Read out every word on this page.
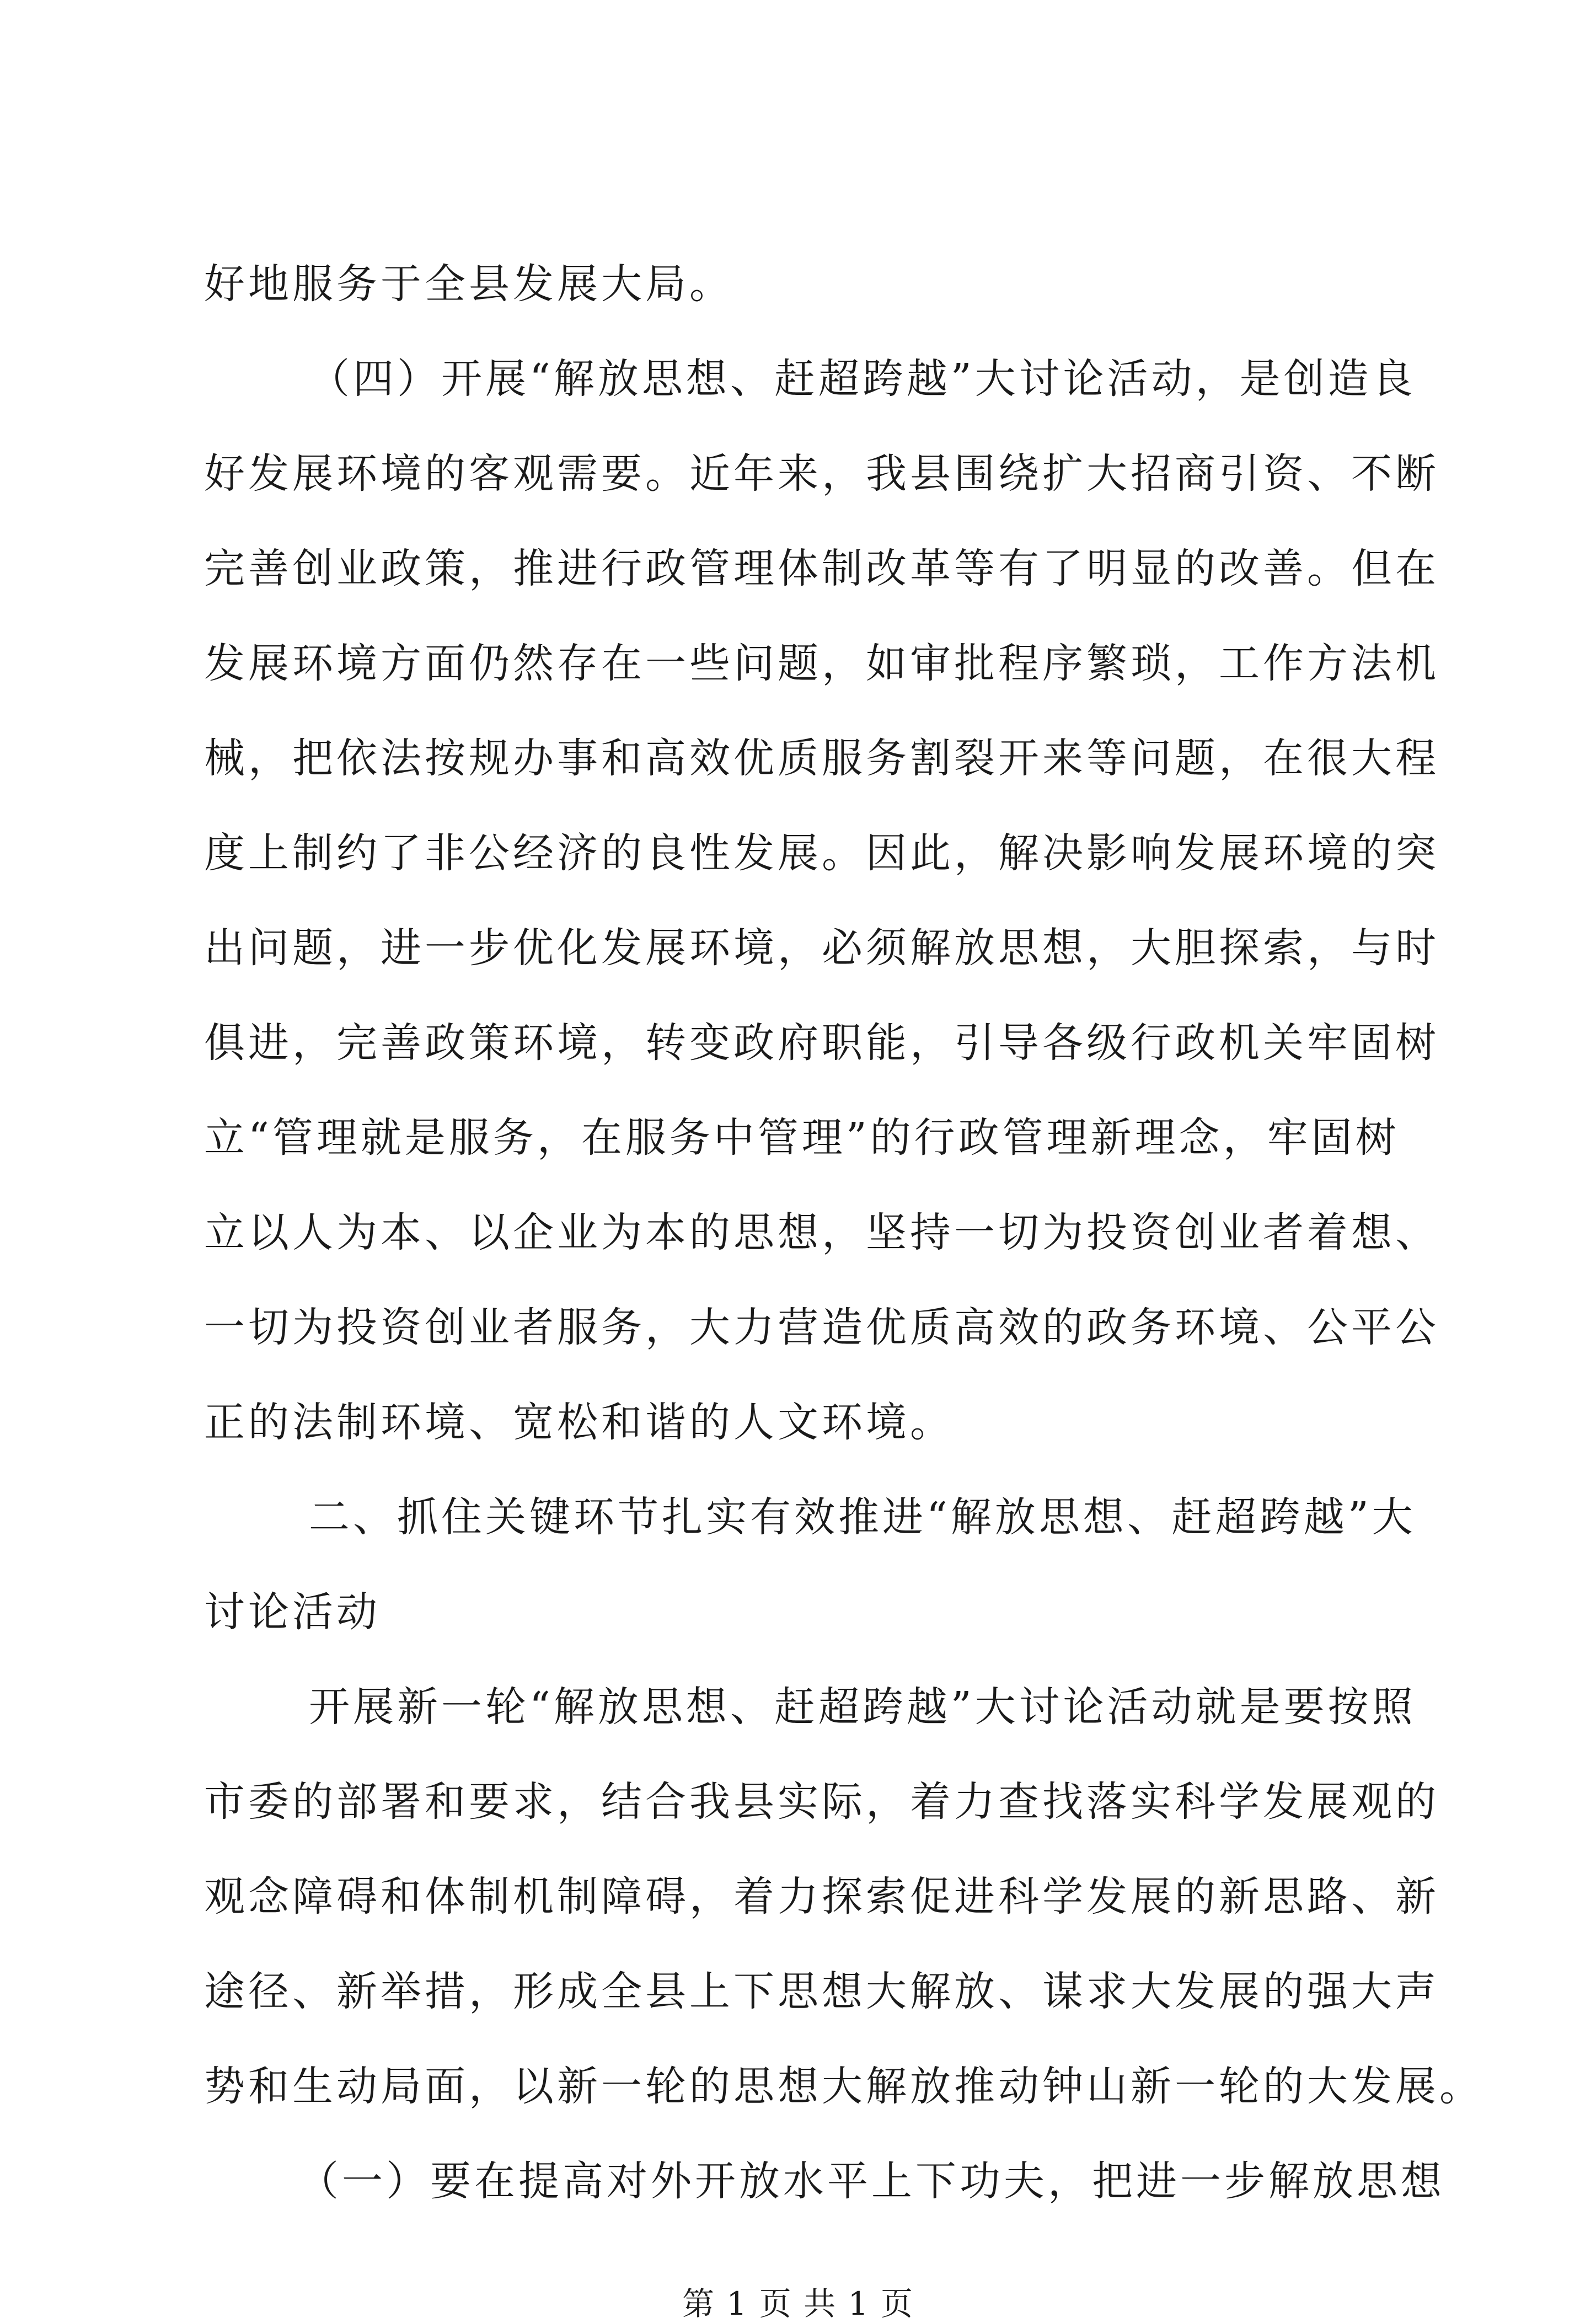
好地服务于全县发展大局。
（四）开展“解放思想、赶超跨越”大讨论活动，是创造良
好发展环境的客观需要。近年来，我县围绕扩大招商引资、不断
完善创业政策，推进行政管理体制改革等有了明显的改善。但在
发展环境方面仍然存在一些问题，如审批程序繁琐，工作方法机
械，把依法按规办事和高效优质服务割裂开来等问题，在很大程
度上制约了非公经济的良性发展。因此，解决影响发展环境的突
出问题，进一步优化发展环境，必须解放思想，大胆探索，与时
俱进，完善政策环境，转变政府职能，引导各级行政机关牢固树
立“管理就是服务，在服务中管理”的行政管理新理念，牢固树
立以人为本、以企业为本的思想，坚持一切为投资创业者着想、
一切为投资创业者服务，大力营造优质高效的政务环境、公平公
正的法制环境、宽松和谐的人文环境。
二、抓住关键环节扎实有效推进“解放思想、赶超跨越”大
讨论活动
开展新一轮“解放思想、赶超跨越”大讨论活动就是要按照
市委的部署和要求，结合我县实际，着力查找落实科学发展观的
观念障碍和体制机制障碍，着力探索促进科学发展的新思路、新
途径、新举措，形成全县上下思想大解放、谋求大发展的强大声
势和生动局面，以新一轮的思想大解放推动钟山新一轮的大发展。
（一）要在提高对外开放水平上下功夫，把进一步解放思想
第 1 页 共 1 页
